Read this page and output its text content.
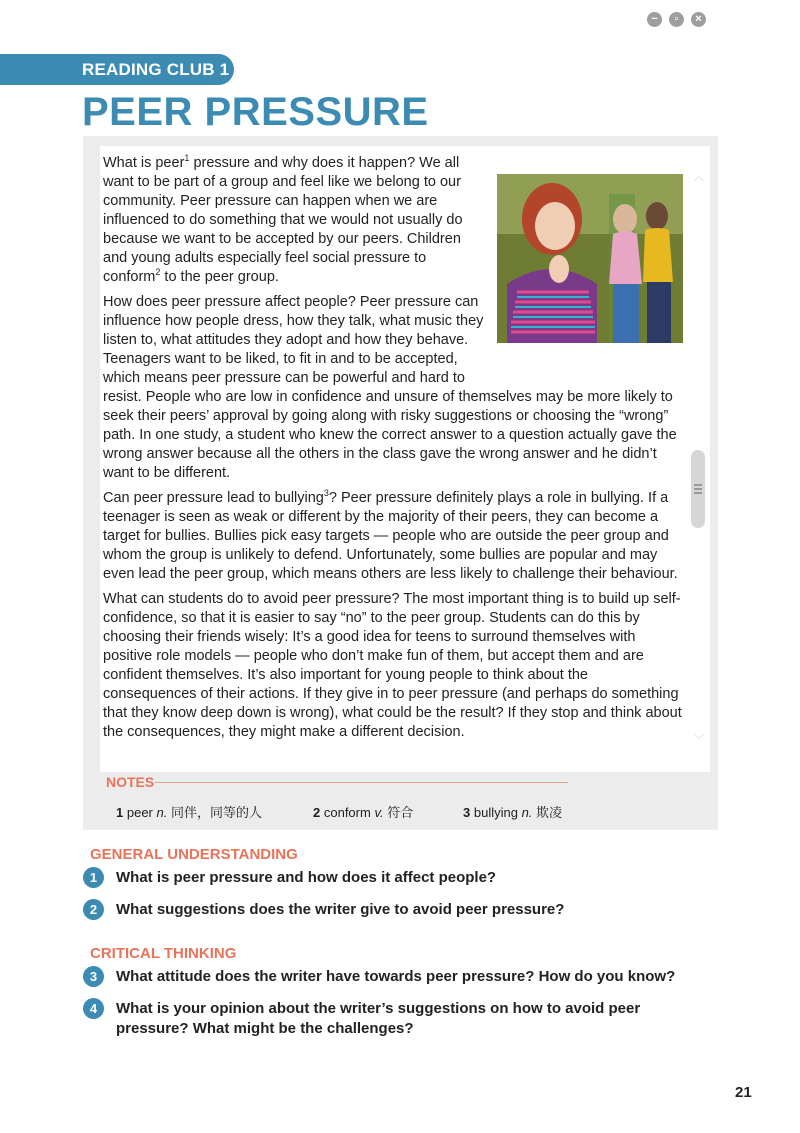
READING CLUB 1
PEER PRESSURE
−	▫	×
︿
﹀

What is peer$^1$ pressure and why does it happen? We all want to be part of a group and feel like we belong to our community. Peer pressure can happen when we are influenced to do something that we would not usually do because we want to be accepted by our peers. Children and young adults especially feel social pressure to conform$^2$ to the peer group.

How does peer pressure affect people? Peer pressure can influence how people dress, how they talk, what music they listen to, what attitudes they adopt and how they behave. Teenagers want to be liked, to fit in and to be accepted, which means peer pressure can be powerful and hard to resist. People who are low in confidence and unsure of themselves may be more likely to seek their peers’ approval by going along with risky suggestions or choosing the “wrong” path. In one study, a student who knew the correct answer to a question actually gave the wrong answer because all the others in the class gave the wrong answer and he didn’t want to be different.

Can peer pressure lead to bullying$^3$? Peer pressure definitely plays a role in bullying. If a teenager is seen as weak or different by the majority of their peers, they can become a target for bullies. Bullies pick easy targets — people who are outside the peer group and whom the group is unlikely to defend. Unfortunately, some bullies are popular and may even lead the peer group, which means others are less likely to challenge their behaviour.

What can students do to avoid peer pressure? The most important thing is to build up self-confidence, so that it is easier to say “no” to the peer group. Students can do this by choosing their friends wisely: It’s a good idea for teens to surround themselves with positive role models — people who don’t make fun of them, but accept them and are confident themselves. It’s also important for young people to think about the consequences of their actions. If they give in to peer pressure (and perhaps do something that they know deep down is wrong), what could be the result? If they stop and think about the consequences, they might make a different decision.

NOTES
1 peer n. 同伴，同等的人	2 conform v. 符合	3 bullying n. 欺凌
GENERAL UNDERSTANDING
1	What is peer pressure and how does it affect people?
2	What suggestions does the writer give to avoid peer pressure?
CRITICAL THINKING
3	What attitude does the writer have towards peer pressure? How do you know?
4	What is your opinion about the writer’s suggestions on how to avoid peer pressure? What might be the challenges?
21
